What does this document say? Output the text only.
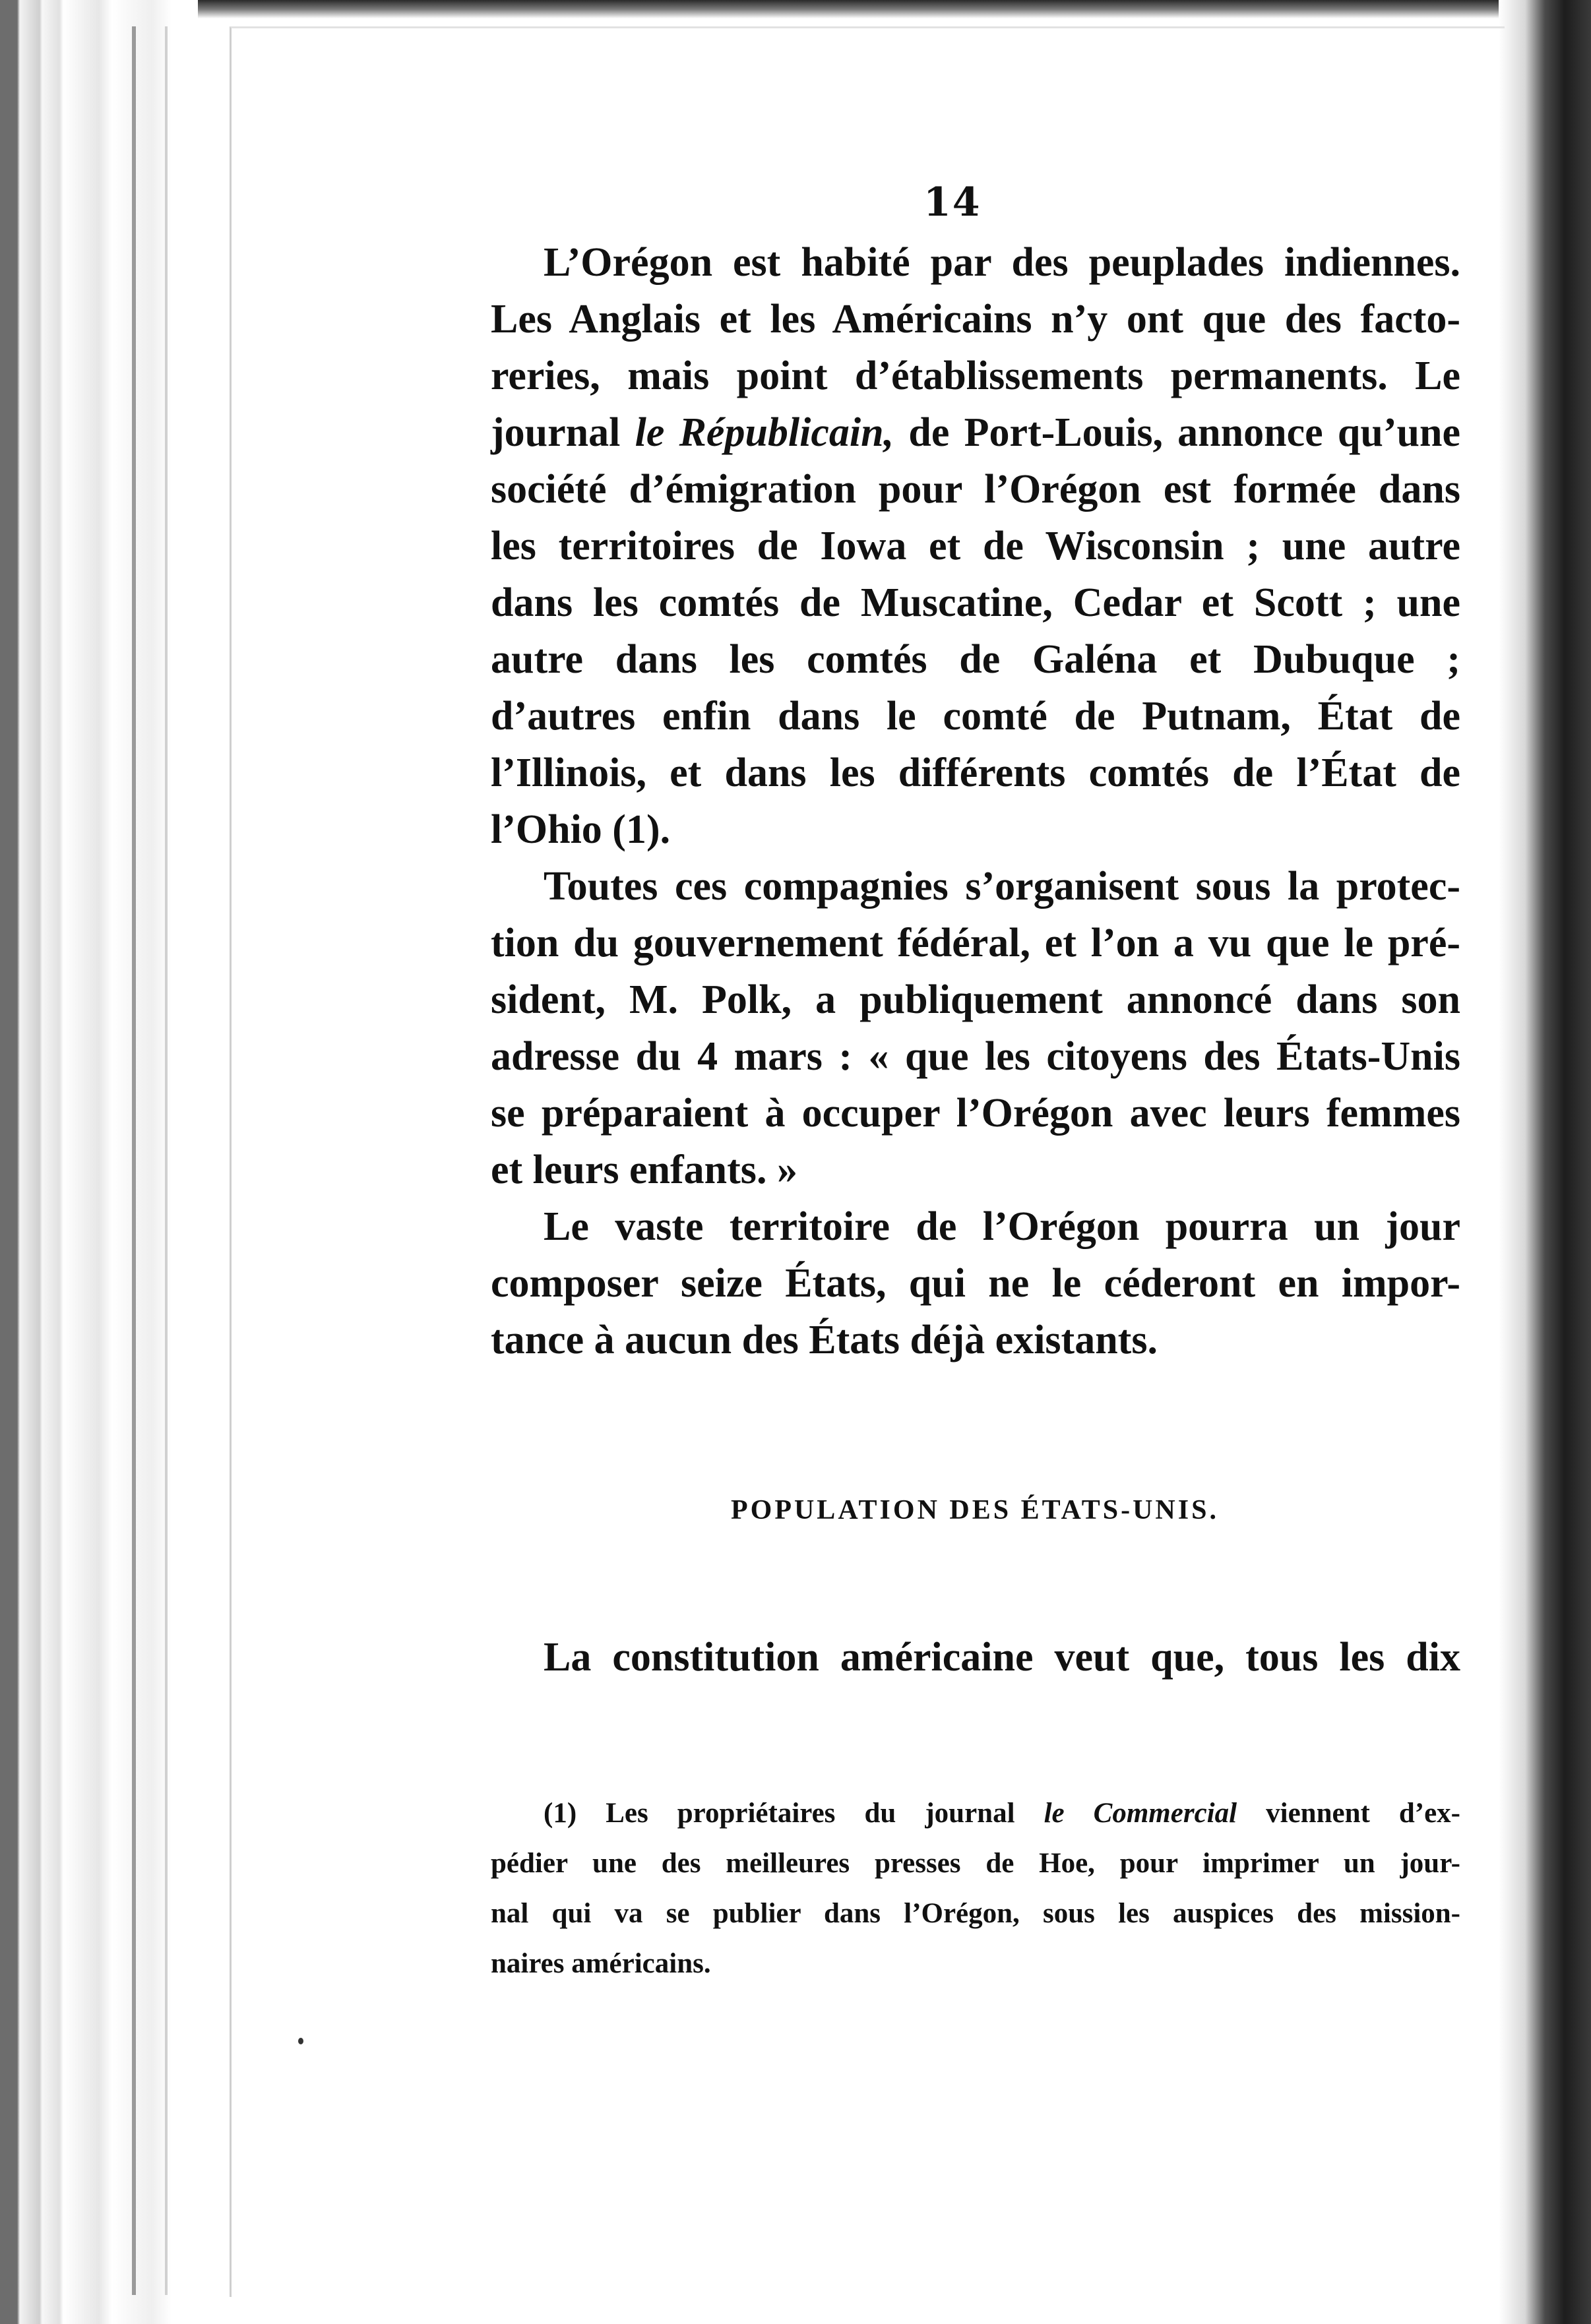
14

L’Orégon est habité par des peuplades indiennes.
Les Anglais et les Américains n’y ont que des facto-
reries, mais point d’établissements permanents. Le
journal le Républicain, de Port-Louis, annonce qu’une
société d’émigration pour l’Orégon est formée dans
les territoires de Iowa et de Wisconsin ; une autre
dans les comtés de Muscatine, Cedar et Scott ; une
autre dans les comtés de Galéna et Dubuque ;
d’autres enfin dans le comté de Putnam, État de
l’Illinois, et dans les différents comtés de l’État de
l’Ohio (1).

Toutes ces compagnies s’organisent sous la protec-
tion du gouvernement fédéral, et l’on a vu que le pré-
sident, M. Polk, a publiquement annoncé dans son
adresse du 4 mars : « que les citoyens des États-Unis
se préparaient à occuper l’Orégon avec leurs femmes
et leurs enfants. »

Le vaste territoire de l’Orégon pourra un jour
composer seize États, qui ne le céderont en impor-
tance à aucun des États déjà existants.

POPULATION DES ÉTATS-UNIS.

La constitution américaine veut que, tous les dix

(1) Les propriétaires du journal le Commercial viennent d’ex-
pédier une des meilleures presses de Hoe, pour imprimer un jour-
nal qui va se publier dans l’Orégon, sous les auspices des mission-
naires américains.
